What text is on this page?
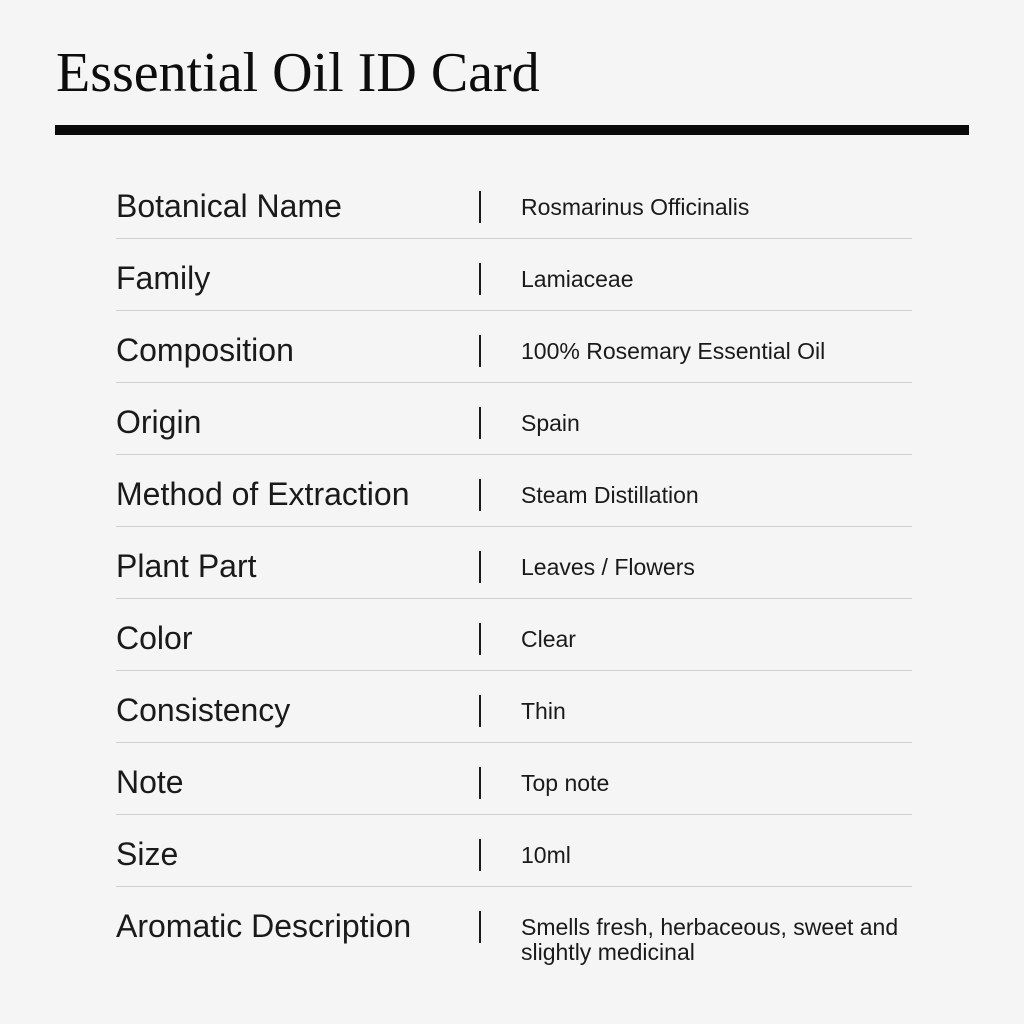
Essential Oil ID Card
Botanical Name	Rosmarinus Officinalis
Family	Lamiaceae
Composition	100% Rosemary Essential Oil
Origin	Spain
Method of Extraction	Steam Distillation
Plant Part	Leaves / Flowers
Color	Clear
Consistency	Thin
Note	Top note
Size	10ml
Aromatic Description	Smells fresh, herbaceous, sweet and slightly medicinal
